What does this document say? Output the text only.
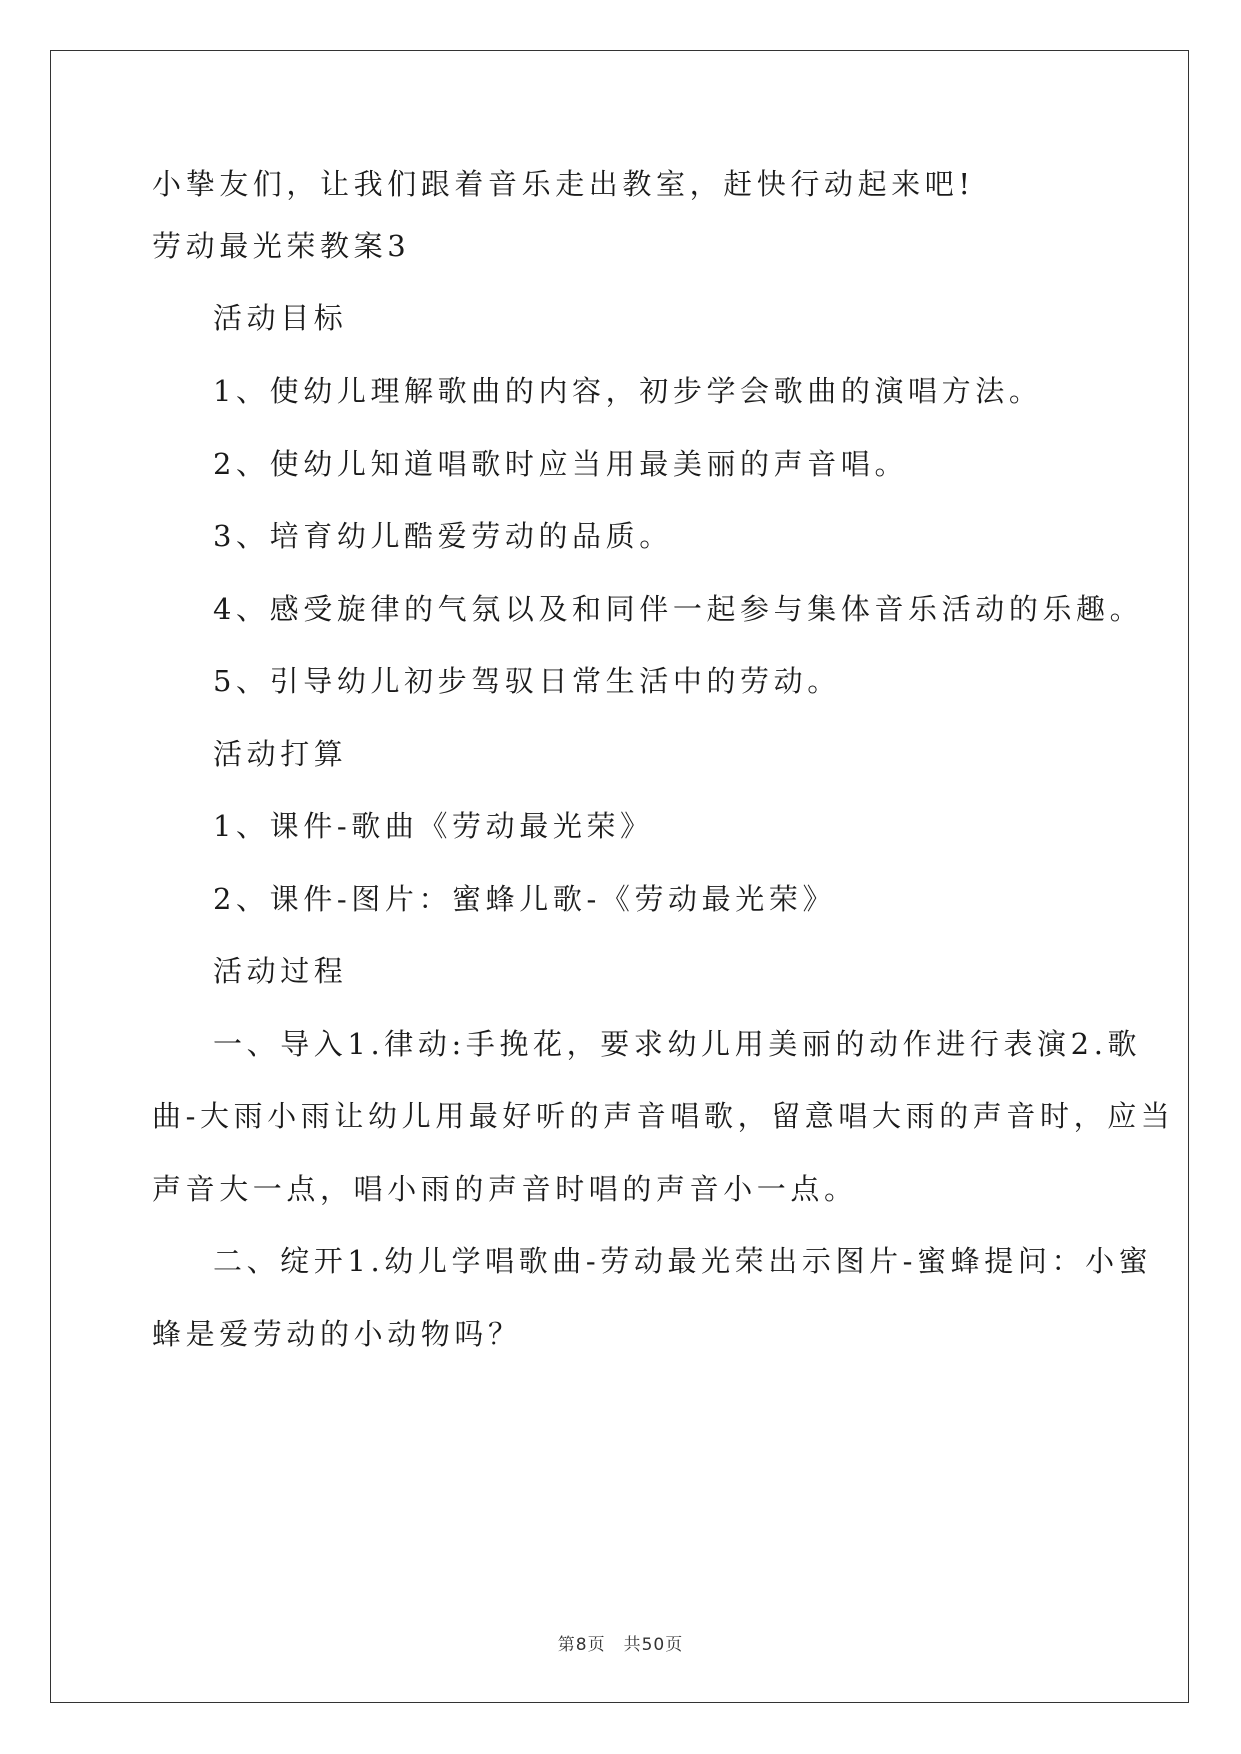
小挚友们，让我们跟着音乐走出教室，赶快行动起来吧!
劳动最光荣教案3
活动目标
1、使幼儿理解歌曲的内容，初步学会歌曲的演唱方法。
2、使幼儿知道唱歌时应当用最美丽的声音唱。
3、培育幼儿酷爱劳动的品质。
4、感受旋律的气氛以及和同伴一起参与集体音乐活动的乐趣。
5、引导幼儿初步驾驭日常生活中的劳动。
活动打算
1、课件-歌曲《劳动最光荣》
2、课件-图片：蜜蜂儿歌-《劳动最光荣》
活动过程
一、导入1.律动:手挽花，要求幼儿用美丽的动作进行表演2.歌
曲-大雨小雨让幼儿用最好听的声音唱歌，留意唱大雨的声音时，应当
声音大一点，唱小雨的声音时唱的声音小一点。
二、绽开1.幼儿学唱歌曲-劳动最光荣出示图片-蜜蜂提问：小蜜
蜂是爱劳动的小动物吗？
第8页 共50页
